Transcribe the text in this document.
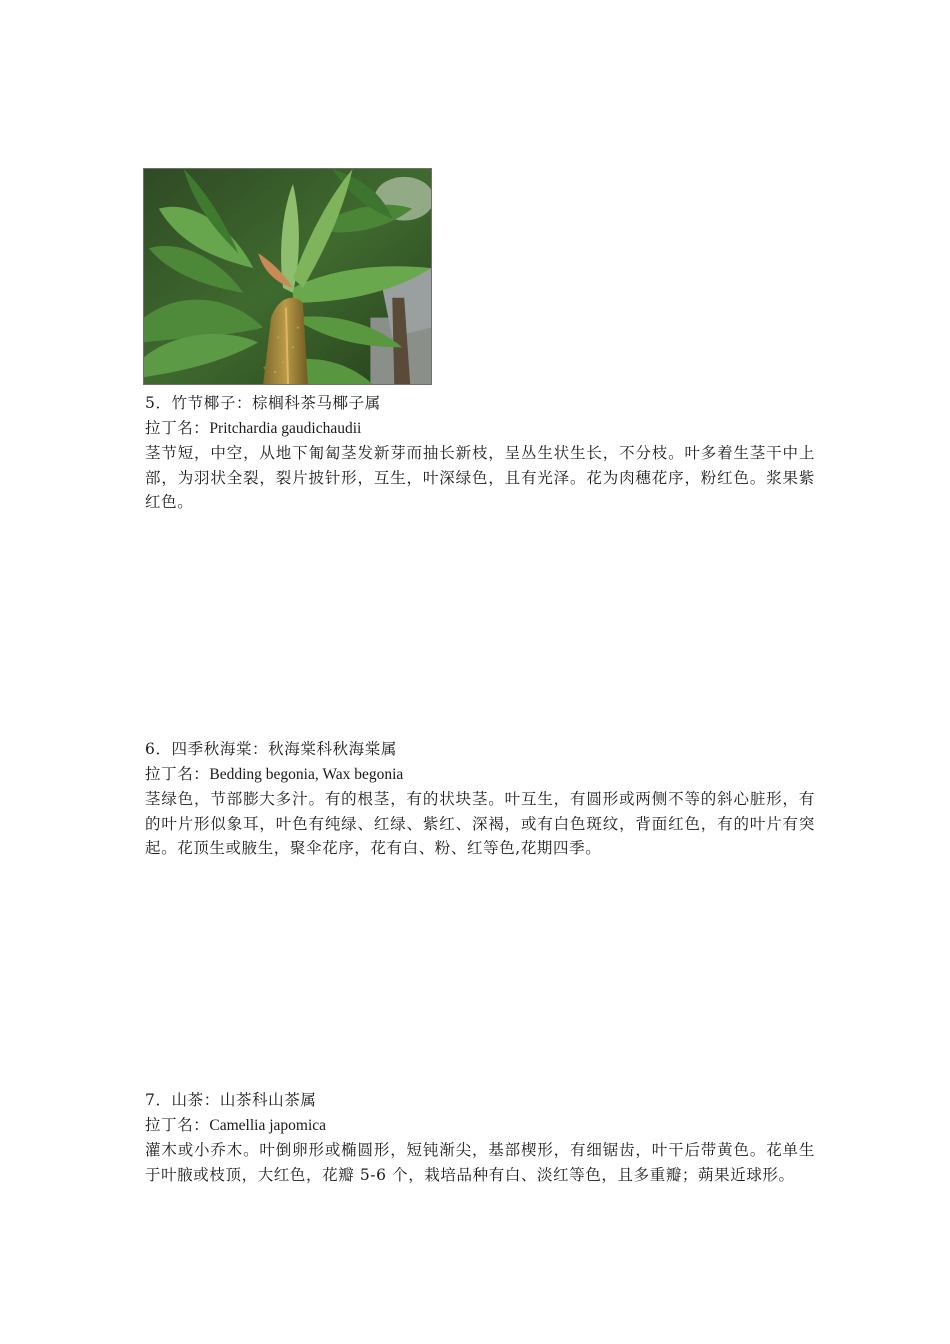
5．竹节椰子：棕榈科茶马椰子属

拉丁名：Pritchardia gaudichaudii

茎节短，中空，从地下匍匐茎发新芽而抽长新枝，呈丛生状生长，不分枝。叶多着生茎干中上部，为羽状全裂，裂片披针形，互生，叶深绿色，且有光泽。花为肉穗花序，粉红色。浆果紫红色。

6．四季秋海棠：秋海棠科秋海棠属

拉丁名：Bedding begonia, Wax begonia

茎绿色，节部膨大多汁。有的根茎，有的状块茎。叶互生，有圆形或两侧不等的斜心脏形，有的叶片形似象耳，叶色有纯绿、红绿、紫红、深褐，或有白色斑纹，背面红色，有的叶片有突起。花顶生或腋生，聚伞花序，花有白、粉、红等色,花期四季。

7．山茶：山茶科山茶属

拉丁名：Camellia japomica

灌木或小乔木。叶倒卵形或椭圆形，短钝渐尖，基部楔形，有细锯齿，叶干后带黄色。花单生于叶腋或枝顶，大红色，花瓣 5-6 个，栽培品种有白、淡红等色，且多重瓣；蒴果近球形。
